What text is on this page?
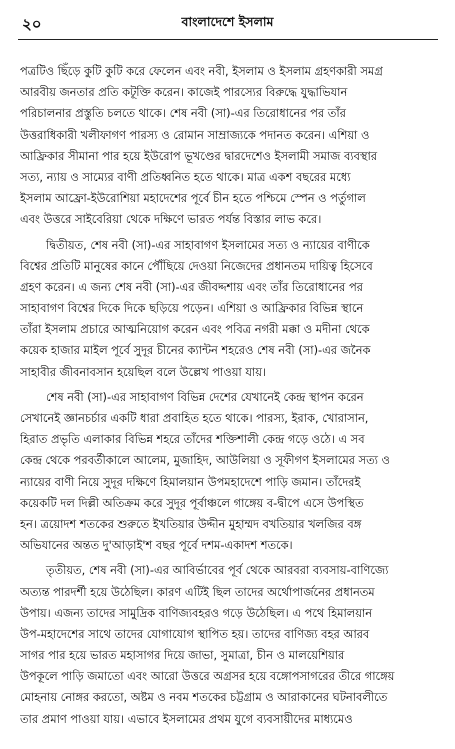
২০	বাংলাদেশে ইসলাম
পত্রটিও ছিঁড়ে কুটি কুটি করে ফেলেন এবং নবী, ইসলাম ও ইসলাম গ্রহণকারী সমগ্র
আরবীয় জনতার প্রতি কটূক্তি করেন। কাজেই পারস্যের বিরুদ্ধে যুদ্ধাভিযান
পরিচালনার প্রস্তুতি চলতে থাকে। শেষ নবী (সা)-এর তিরোধানের পর তাঁর
উত্তরাধিকারী খলীফাগণ পারস্য ও রোমান সাম্রাজ্যকে পদানত করেন। এশিয়া ও
আফ্রিকার সীমানা পার হয়ে ইউরোপ ভূখণ্ডের দ্বারদেশেও ইসলামী সমাজ ব্যবস্থার
সত্য, ন্যায় ও সাম্যের বাণী প্রতিধ্বনিত হতে থাকে। মাত্র একশ বছরের মধ্যে
ইসলাম আফ্রো-ইউরোশিয়া মহাদেশের পূর্বে চীন হতে পশ্চিমে স্পেন ও পর্তুগাল
এবং উত্তরে সাইবেরিয়া থেকে দক্ষিণে ভারত পর্যন্ত বিস্তার লাভ করে।
দ্বিতীয়ত, শেষ নবী (সা)-এর সাহাবাগণ ইসলামের সত্য ও ন্যায়ের বাণীকে
বিশ্বের প্রতিটি মানুষের কানে পৌঁছিয়ে দেওয়া নিজেদের প্রধানতম দায়িত্ব হিসেবে
গ্রহণ করেন। এ জন্য শেষ নবী (সা)-এর জীবদ্দশায় এবং তাঁর তিরোধানের পর
সাহাবাগণ বিশ্বের দিকে দিকে ছড়িয়ে পড়েন। এশিয়া ও আফ্রিকার বিভিন্ন স্থানে
তাঁরা ইসলাম প্রচারে আত্মনিয়োগ করেন এবং পবিত্র নগরী মক্কা ও মদীনা থেকে
কয়েক হাজার মাইল পূর্বে সুদূর চীনের ক্যান্টন শহরেও শেষ নবী (সা)-এর জনৈক
সাহাবীর জীবনাবসান হয়েছিল বলে উল্লেখ পাওয়া যায়।
শেষ নবী (সা)-এর সাহাবাগণ বিভিন্ন দেশের যেখানেই কেন্দ্র স্থাপন করেন
সেখানেই জ্ঞানচর্চার একটি ধারা প্রবাহিত হতে থাকে। পারস্য, ইরাক, খোরাসান,
হিরাত প্রভৃতি এলাকার বিভিন্ন শহরে তাঁদের শক্তিশালী কেন্দ্র গড়ে ওঠে। এ সব
কেন্দ্র থেকে পরবর্তীকালে আলেম, মুজাহিদ, আউলিয়া ও সূফীগণ ইসলামের সত্য ও
ন্যায়ের বাণী নিয়ে সুদূর দক্ষিণে হিমালয়ান উপমহাদেশে পাড়ি জমান। তাঁদেরই
কয়েকটি দল দিল্লী অতিক্রম করে সুদূর পূর্বাঞ্চলে গাঙ্গেয় ব-দ্বীপে এসে উপস্থিত
হন। ত্রয়োদশ শতকের শুরুতে ইখতিয়ার উদ্দীন মুহাম্মদ বখতিয়ার খলজির বঙ্গ
অভিযানের অন্তত দু'আড়াই'শ বছর পূর্বে দশম-একাদশ শতকে।
তৃতীয়ত, শেষ নবী (সা)-এর আবির্ভাবের পূর্ব থেকে আরবরা ব্যবসায়-বাণিজ্যে
অত্যন্ত পারদর্শী হয়ে উঠেছিল। কারণ এটিই ছিল তাদের অর্থোপার্জনের প্রধানতম
উপায়। এজন্য তাদের সামুদ্রিক বাণিজ্যবহরও গড়ে উঠেছিল। এ পথে হিমালয়ান
উপ-মহাদেশের সাথে তাদের যোগাযোগ স্থাপিত হয়। তাদের বাণিজ্য বহর আরব
সাগর পার হয়ে ভারত মহাসাগর দিয়ে জাভা, সুমাত্রা, চীন ও মালয়েশিয়ার
উপকূলে পাড়ি জমাতো এবং আরো উত্তরে অগ্রসর হয়ে বঙ্গোপসাগরের তীরে গাঙ্গেয়
মোহনায় নোঙ্গর করতো, অষ্টম ও নবম শতকের চট্টগ্রাম ও আরাকানের ঘটনাবলীতে
তার প্রমাণ পাওয়া যায়। এভাবে ইসলামের প্রথম যুগে ব্যবসায়ীদের মাধ্যমেও
